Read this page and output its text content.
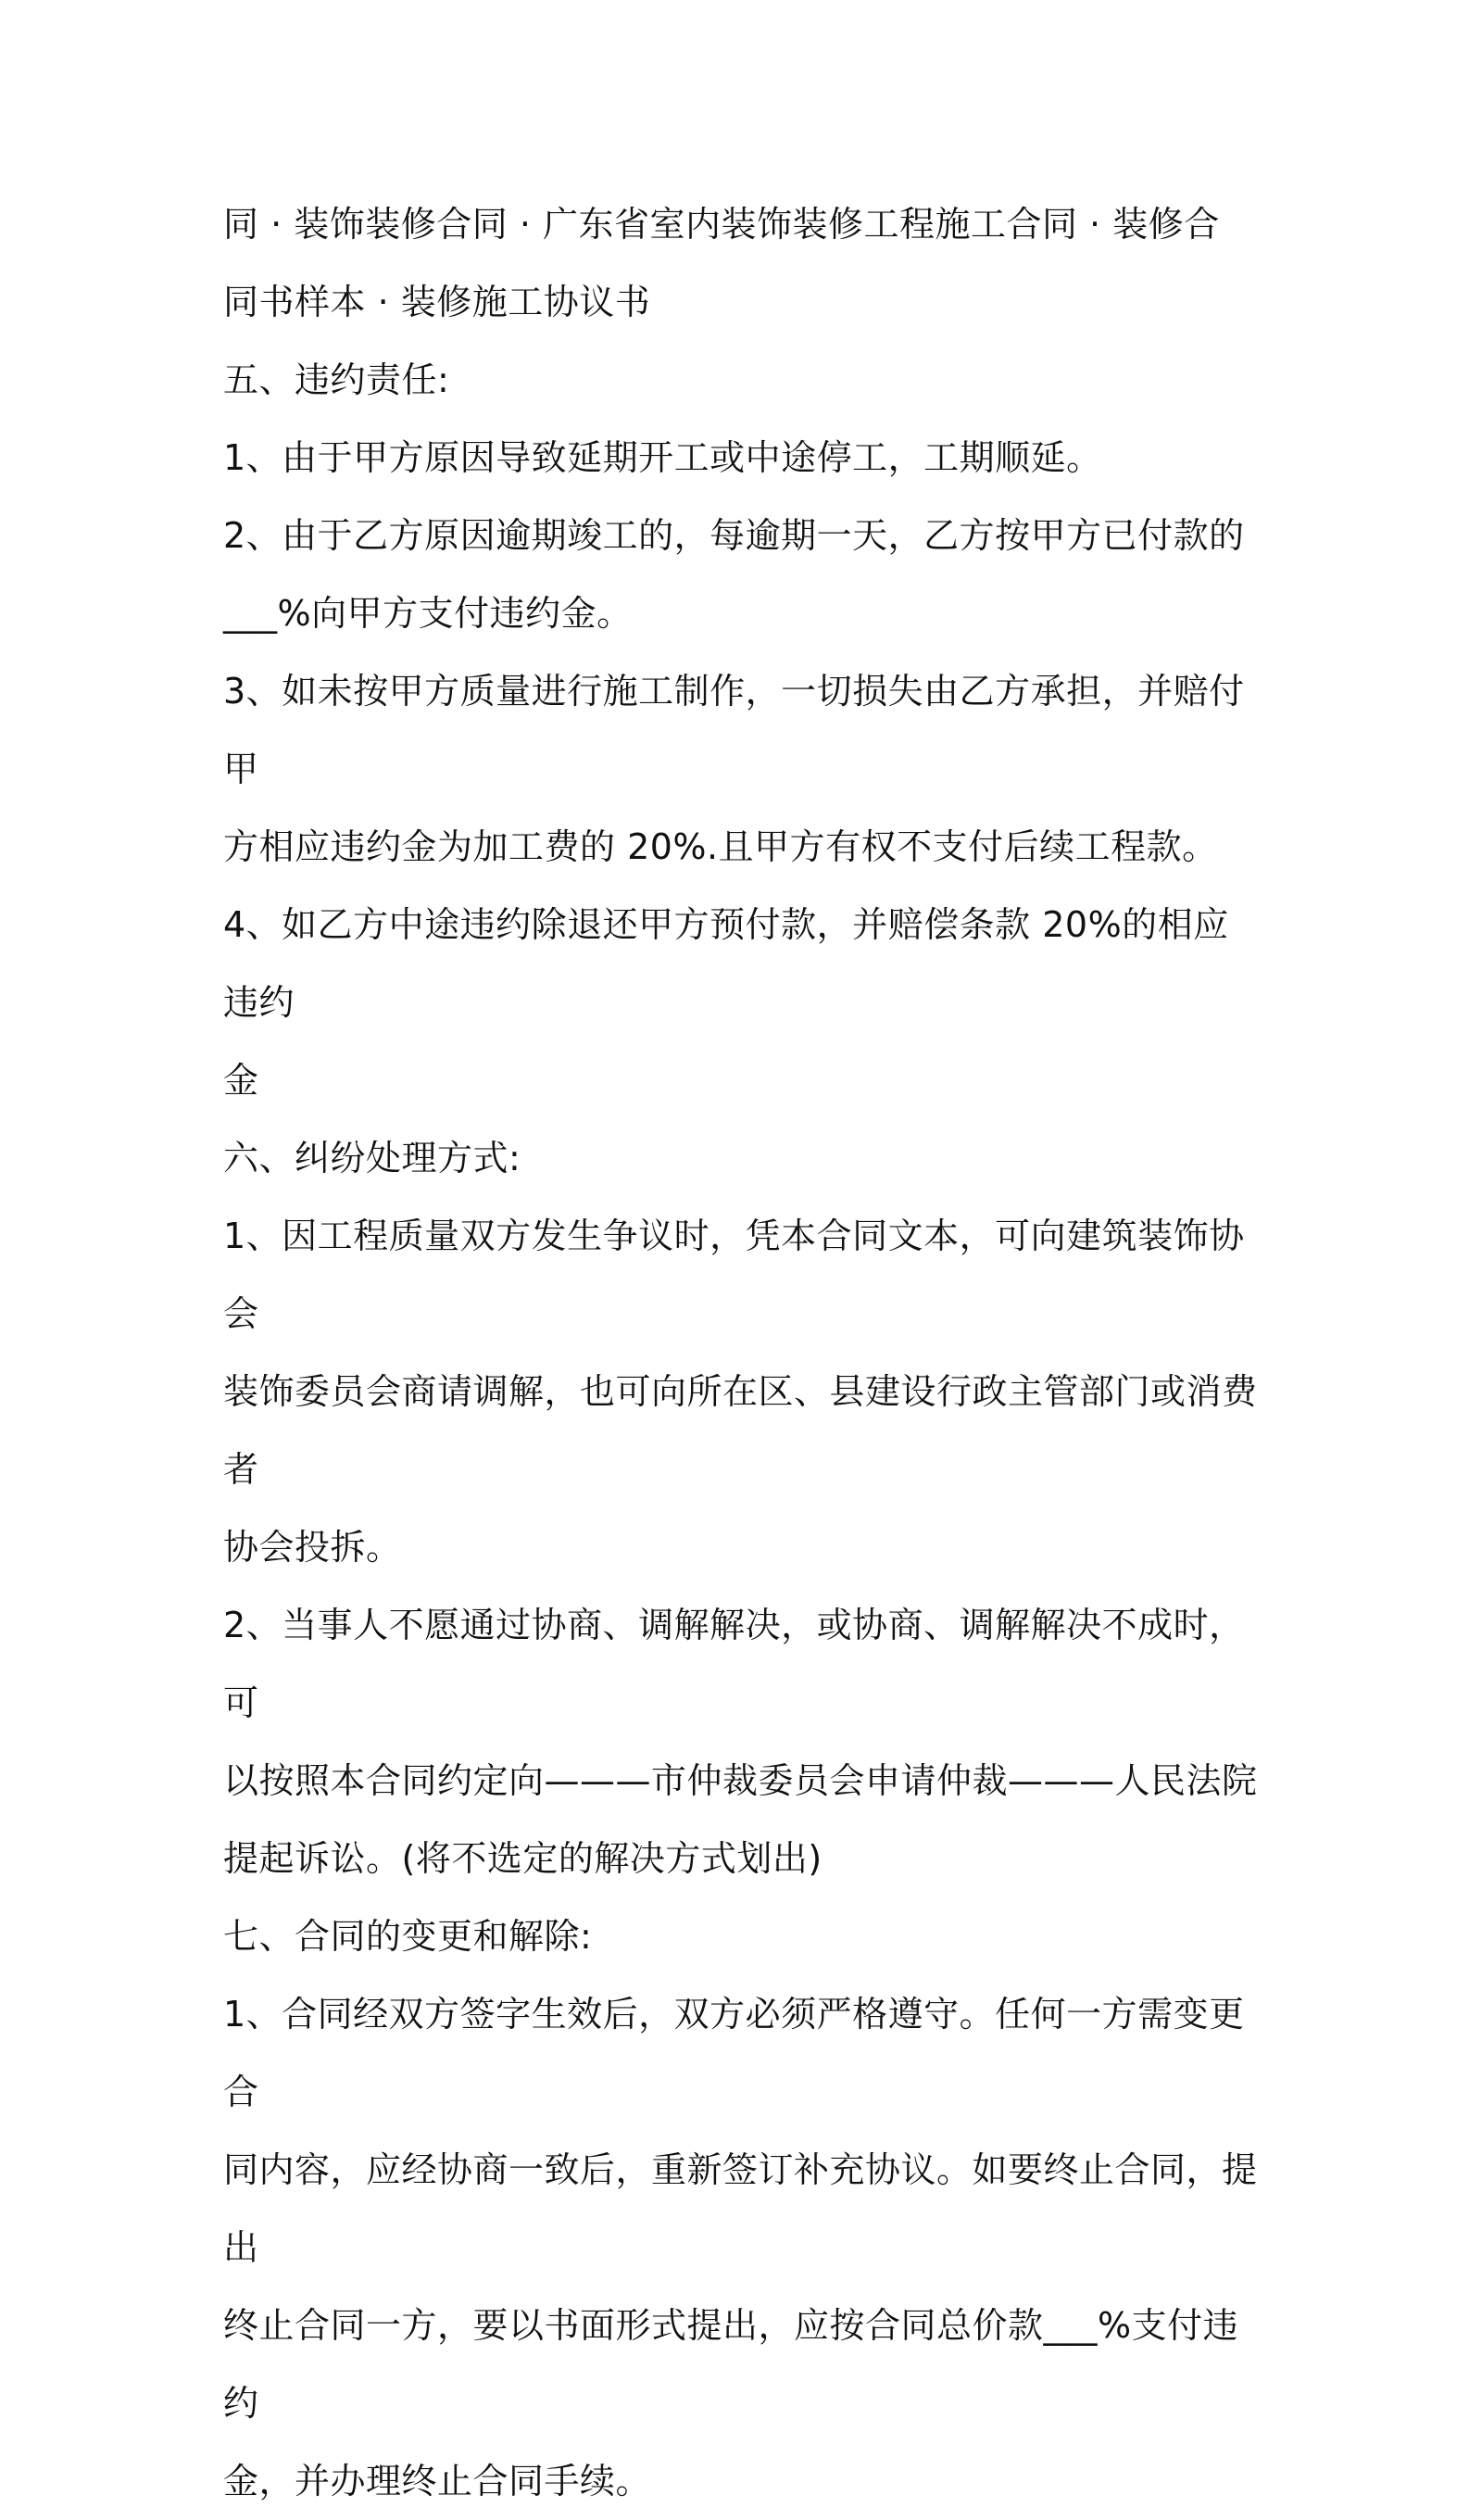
同 · 装饰装修合同 · 广东省室内装饰装修工程施工合同 · 装修合
同书样本 · 装修施工协议书
五、违约责任:
1、由于甲方原因导致延期开工或中途停工，工期顺延。
2、由于乙方原因逾期竣工的，每逾期一天，乙方按甲方已付款的
___%向甲方支付违约金。
3、如未按甲方质量进行施工制作，一切损失由乙方承担，并赔付甲
方相应违约金为加工费的 20%.且甲方有权不支付后续工程款。
4、如乙方中途违约除退还甲方预付款，并赔偿条款 20%的相应违约
金
六、纠纷处理方式:
1、因工程质量双方发生争议时，凭本合同文本，可向建筑装饰协会
装饰委员会商请调解，也可向所在区、县建设行政主管部门或消费者
协会投拆。
2、当事人不愿通过协商、调解解决，或协商、调解解决不成时，可
以按照本合同约定向———市仲裁委员会申请仲裁———人民法院
提起诉讼。(将不选定的解决方式划出)
七、合同的变更和解除:
1、合同经双方签字生效后，双方必须严格遵守。任何一方需变更合
同内容，应经协商一致后，重新签订补充协议。如要终止合同，提出
终止合同一方，要以书面形式提出，应按合同总价款___%支付违约
金，并办理终止合同手续。
